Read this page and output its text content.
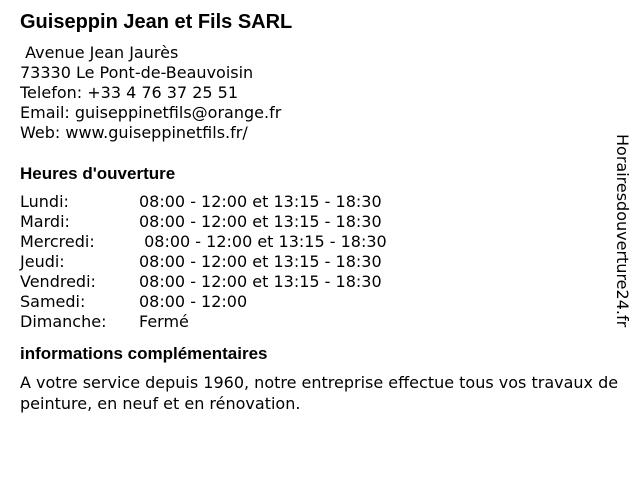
Guiseppin Jean et Fils SARL
Avenue Jean Jaurès
73330 Le Pont-de-Beauvoisin
Telefon: +33 4 76 37 25 51
Email: guiseppinetfils@orange.fr
Web: www.guiseppinetfils.fr/
Heures d'ouverture
Lundi:	08:00 - 12:00 et 13:15 - 18:30
Mardi:	08:00 - 12:00 et 13:15 - 18:30
Mercredi:	08:00 - 12:00 et 13:15 - 18:30
Jeudi:	08:00 - 12:00 et 13:15 - 18:30
Vendredi:	08:00 - 12:00 et 13:15 - 18:30
Samedi:	08:00 - 12:00
Dimanche: Fermé
informations complémentaires
A votre service depuis 1960, notre entreprise effectue tous vos travaux de peinture, en neuf et en rénovation.
Horairesdouverture24.fr
